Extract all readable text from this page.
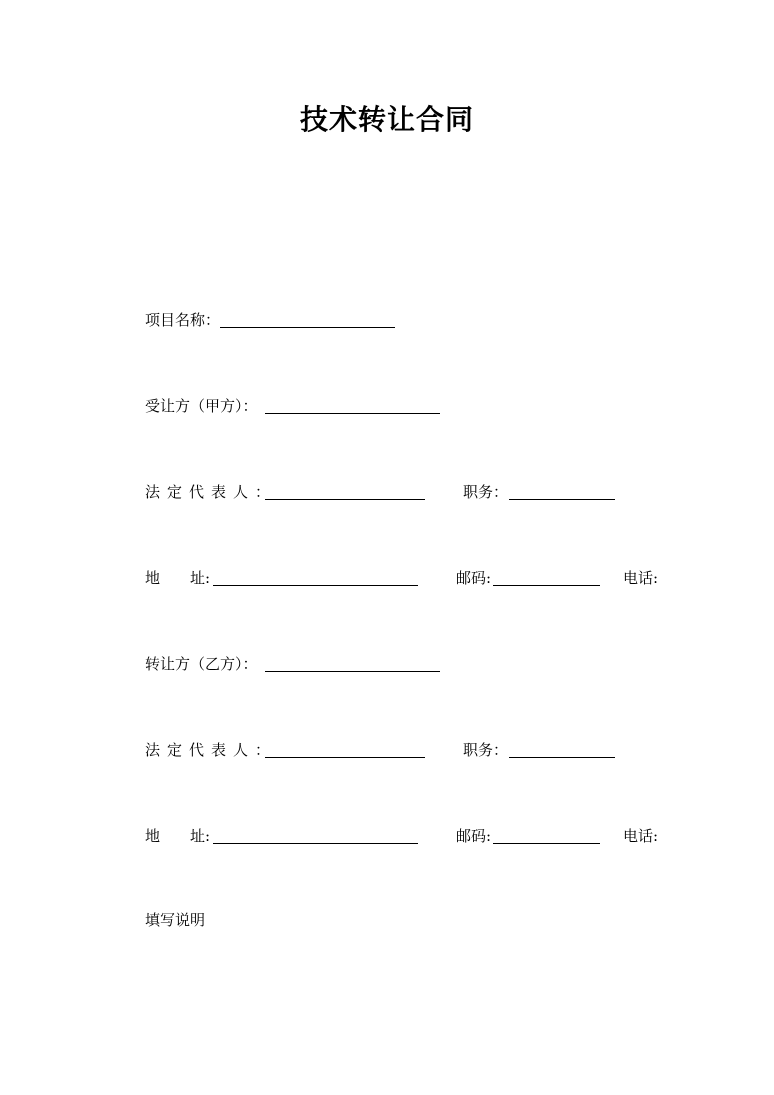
技术转让合同
项目名称：
受让方（甲方）：
法定代表人：	职务：
地 址:	邮码:	电话:
转让方（乙方）：
法定代表人：	职务：
地 址:	邮码:	电话:
填写说明
